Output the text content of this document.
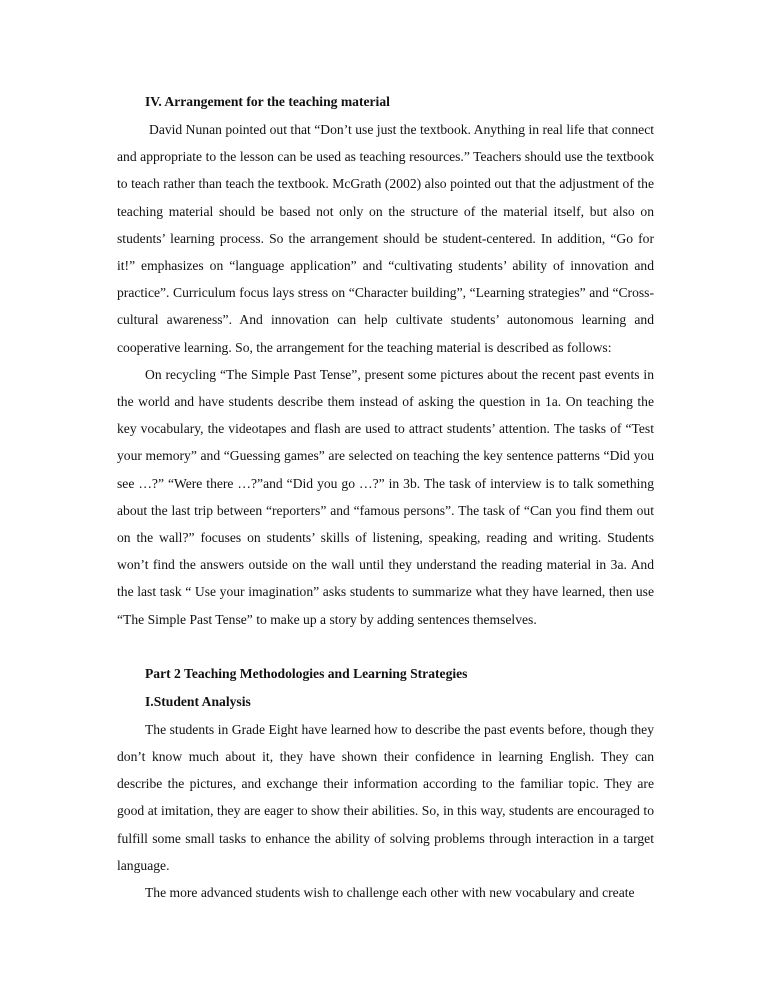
IV. Arrangement for the teaching material

David Nunan pointed out that “Don’t use just the textbook. Anything in real life that connect and appropriate to the lesson can be used as teaching resources.” Teachers should use the textbook to teach rather than teach the textbook. McGrath (2002) also pointed out that the adjustment of the teaching material should be based not only on the structure of the material itself, but also on students’ learning process. So the arrangement should be student-centered. In addition, “Go for it!” emphasizes on “language application” and “cultivating students’ ability of innovation and practice”. Curriculum focus lays stress on “Character building”, “Learning strategies” and “Cross-cultural awareness”. And innovation can help cultivate students’ autonomous learning and cooperative learning. So, the arrangement for the teaching material is described as follows:

On recycling “The Simple Past Tense”, present some pictures about the recent past events in the world and have students describe them instead of asking the question in 1a. On teaching the key vocabulary, the videotapes and flash are used to attract students’ attention. The tasks of “Test your memory” and “Guessing games” are selected on teaching the key sentence patterns “Did you see …?” “Were there …?”and “Did you go …?” in 3b. The task of interview is to talk something about the last trip between “reporters” and “famous persons”. The task of “Can you find them out on the wall?” focuses on students’ skills of listening, speaking, reading and writing. Students won’t find the answers outside on the wall until they understand the reading material in 3a. And the last task “ Use your imagination” asks students to summarize what they have learned, then use “The Simple Past Tense” to make up a story by adding sentences themselves.

Part 2 Teaching Methodologies and Learning Strategies
I.Student Analysis

The students in Grade Eight have learned how to describe the past events before, though they don’t know much about it, they have shown their confidence in learning English. They can describe the pictures, and exchange their information according to the familiar topic. They are good at imitation, they are eager to show their abilities. So, in this way, students are encouraged to fulfill some small tasks to enhance the ability of solving problems through interaction in a target language.

The more advanced students wish to challenge each other with new vocabulary and create
